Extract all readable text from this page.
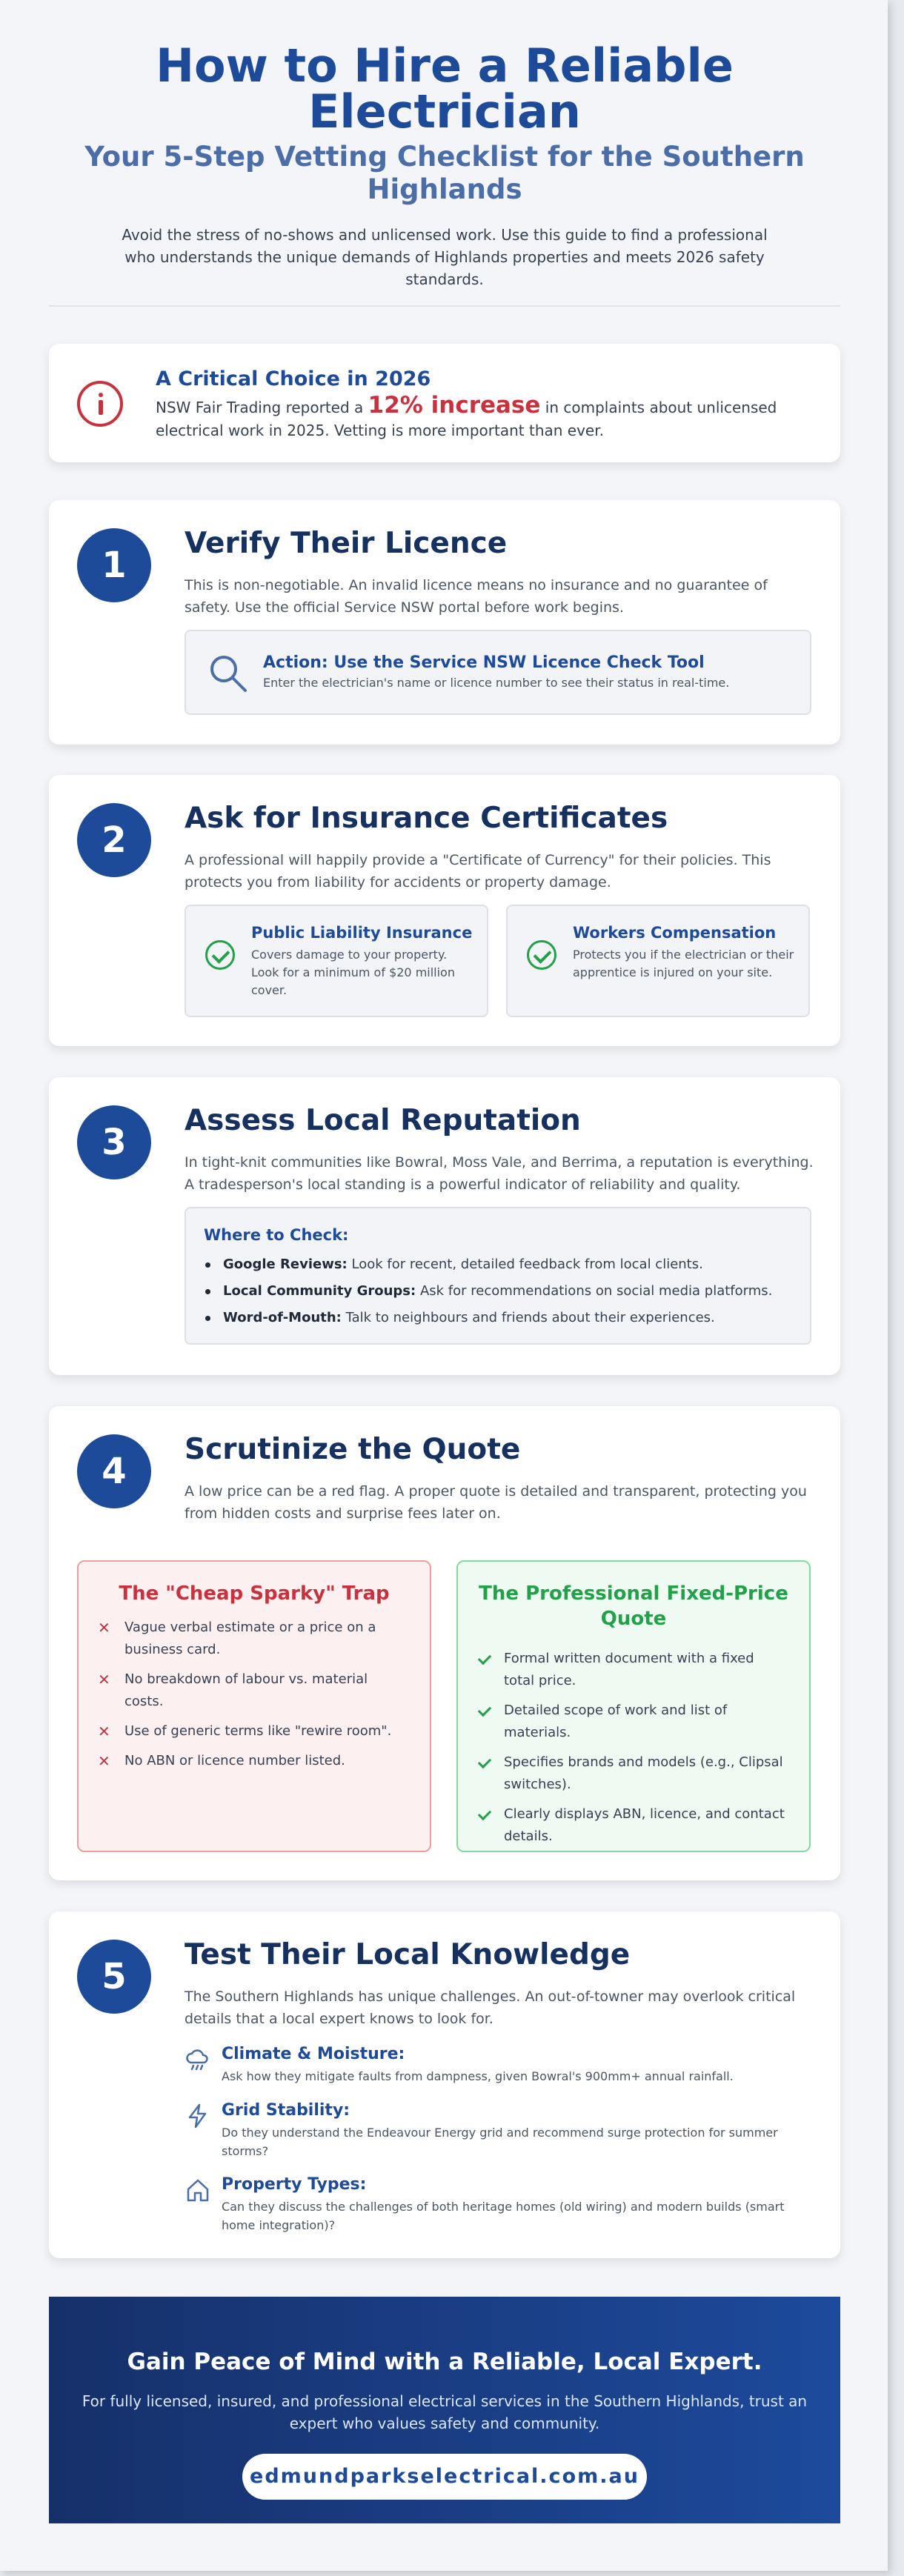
How to Hire a Reliable Electrician
Your 5-Step Vetting Checklist for the Southern Highlands

Avoid the stress of no-shows and unlicensed work. Use this guide to find a professional who understands the unique demands of Highlands properties and meets 2026 safety standards.

A Critical Choice in 2026

NSW Fair Trading reported a 12% increase in complaints about unlicensed electrical work in 2025. Vetting is more important than ever.

1
Verify Their Licence

This is non-negotiable. An invalid licence means no insurance and no guarantee of safety. Use the official Service NSW portal before work begins.

Action: Use the Service NSW Licence Check Tool
Enter the electrician's name or licence number to see their status in real-time.
2
Ask for Insurance Certificates

A professional will happily provide a "Certificate of Currency" for their policies. This protects you from liability for accidents or property damage.

Public Liability Insurance
Covers damage to your property. Look for a minimum of $20 million cover.
Workers Compensation
Protects you if the electrician or their apprentice is injured on your site.
3
Assess Local Reputation

In tight-knit communities like Bowral, Moss Vale, and Berrima, a reputation is everything. A tradesperson's local standing is a powerful indicator of reliability and quality.

Where to Check:
Google Reviews: Look for recent, detailed feedback from local clients.
Local Community Groups: Ask for recommendations on social media platforms.
Word-of-Mouth: Talk to neighbours and friends about their experiences.
4
Scrutinize the Quote

A low price can be a red flag. A proper quote is detailed and transparent, protecting you from hidden costs and surprise fees later on.

The "Cheap Sparky" Trap
✕ Vague verbal estimate or a price on a business card.
✕ No breakdown of labour vs. material costs.
✕ Use of generic terms like "rewire room".
✕ No ABN or licence number listed.
The Professional Fixed-Price Quote
Formal written document with a fixed total price.
Detailed scope of work and list of materials.
Specifies brands and models (e.g., Clipsal switches).
Clearly displays ABN, licence, and contact details.
5
Test Their Local Knowledge

The Southern Highlands has unique challenges. An out-of-towner may overlook critical details that a local expert knows to look for.

Climate & Moisture:
Ask how they mitigate faults from dampness, given Bowral's 900mm+ annual rainfall.
Grid Stability:
Do they understand the Endeavour Energy grid and recommend surge protection for summer storms?
Property Types:
Can they discuss the challenges of both heritage homes (old wiring) and modern builds (smart home integration)?
Gain Peace of Mind with a Reliable, Local Expert.

For fully licensed, insured, and professional electrical services in the Southern Highlands, trust an expert who values safety and community.

edmundparkselectrical.com.au
